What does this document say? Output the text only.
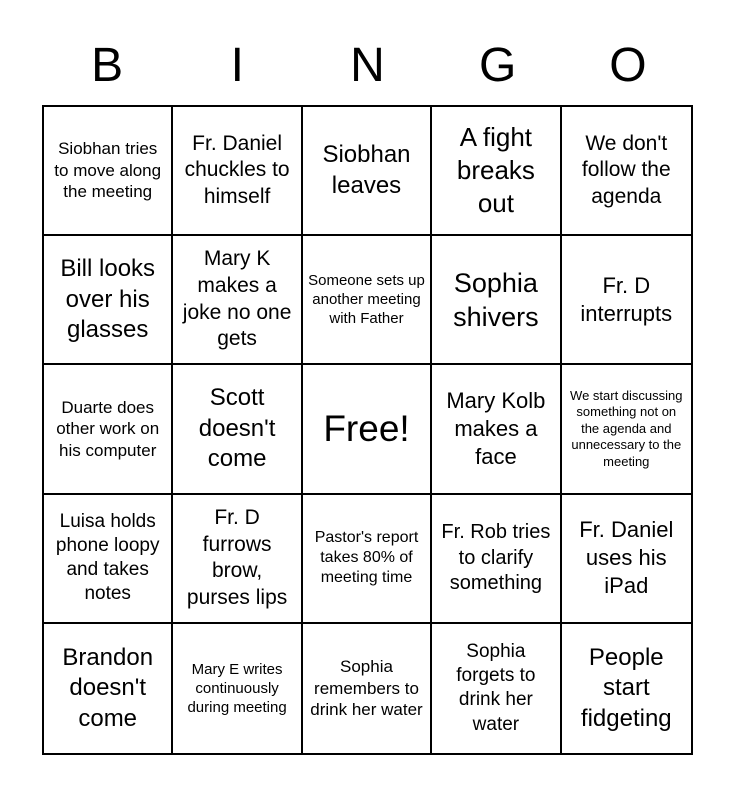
B	I	N	G	O
Siobhan tries to move along the meeting
Fr. Daniel chuckles to himself
Siobhan leaves
A fight breaks out
We don't follow the agenda
Bill looks over his glasses
Mary K makes a joke no one gets
Someone sets up another meeting with Father
Sophia shivers
Fr. D interrupts
Duarte does other work on his computer
Scott doesn't come
Free!
Mary Kolb makes a face
We start discussing something not on the agenda and unnecessary to the meeting
Luisa holds phone loopy and takes notes
Fr. D furrows brow, purses lips
Pastor's report takes 80% of meeting time
Fr. Rob tries to clarify something
Fr. Daniel uses his iPad
Brandon doesn't come
Mary E writes continuously during meeting
Sophia remembers to drink her water
Sophia forgets to drink her water
People start fidgeting
